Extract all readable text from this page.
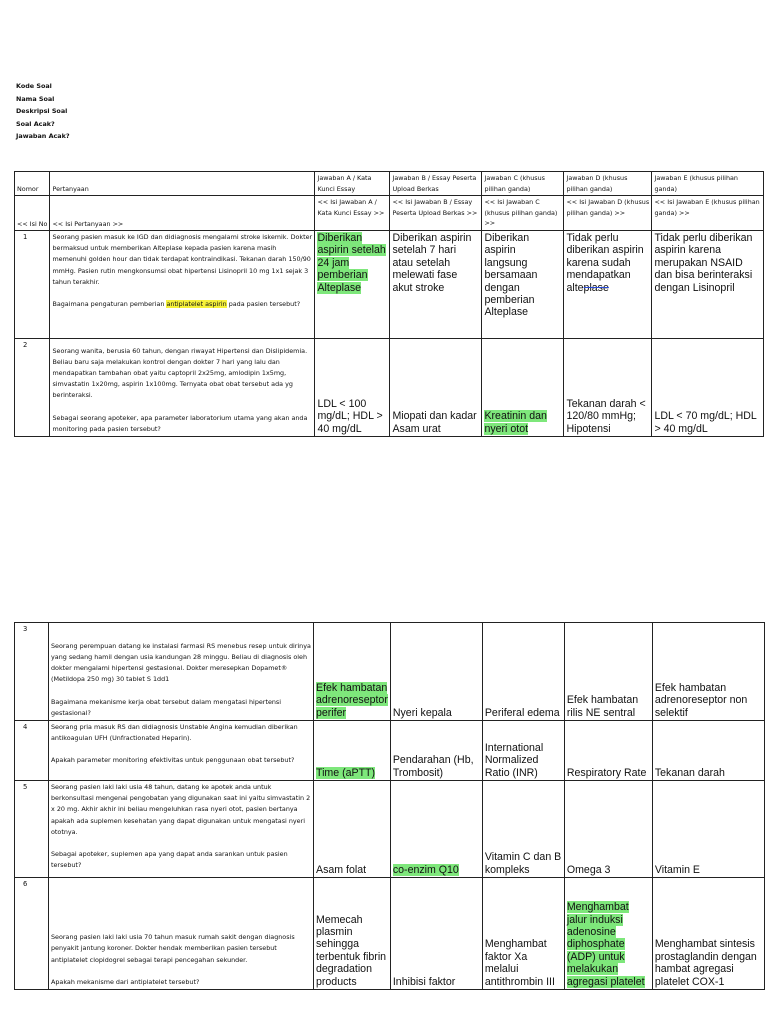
Kode Soal
Nama Soal
Deskripsi Soal
Soal Acak?
Jawaban Acak?
Nomor	Pertanyaan	Jawaban A / Kata Kunci Essay	Jawaban B / Essay Peserta Upload Berkas	Jawaban C (khusus pilihan ganda)	Jawaban D (khusus pilihan ganda)	Jawaban E (khusus pilihan ganda)
<< Isi No	<< Isi Pertanyaan >>	<< Isi Jawaban A / Kata Kunci Essay >>	<< Isi Jawaban B / Essay Peserta Upload Berkas >>	<< Isi Jawaban C (khusus pilihan ganda) >>	<< Isi Jawaban D (khusus pilihan ganda) >>	<< Isi Jawaban E (khusus pilihan ganda) >>
1	Seorang pasien masuk ke IGD dan didiagnosis mengalami stroke iskemik. Dokter bermaksud untuk memberikan Alteplase kepada pasien karena masih memenuhi golden hour dan tidak terdapat kontraindikasi. Tekanan darah 150/90 mmHg. Pasien rutin mengkonsumsi obat hipertensi Lisinopril 10 mg 1x1 sejak 3 tahun terakhir.
Bagaimana pengaturan pemberian antiplatelet aspirin pada pasien tersebut?	Diberikan aspirin setelah 24 jam pemberian Alteplase	Diberikan aspirin setelah 7 hari atau setelah melewati fase akut stroke	Diberikan aspirin langsung bersamaan dengan pemberian Alteplase	Tidak perlu diberikan aspirin karena sudah mendapatkan alteplase	Tidak perlu diberikan aspirin karena merupakan NSAID dan bisa berinteraksi dengan Lisinopril
2	Seorang wanita, berusia 60 tahun, dengan riwayat Hipertensi dan Dislipidemia. Beliau baru saja melakukan kontrol dengan dokter 7 hari yang lalu dan mendapatkan tambahan obat yaitu captopril 2x25mg, amlodipin 1x5mg, simvastatin 1x20mg, aspirin 1x100mg. Ternyata obat obat tersebut ada yg berinteraksi.
Sebagai seorang apoteker, apa parameter laboratorium utama yang akan anda monitoring pada pasien tersebut?	LDL < 100 mg/dL; HDL > 40 mg/dL	Miopati dan kadar Asam urat	Kreatinin dan nyeri otot	Tekanan darah < 120/80 mmHg; Hipotensi	LDL < 70 mg/dL; HDL > 40 mg/dL
3	Seorang perempuan datang ke instalasi farmasi RS menebus resep untuk dirinya yang sedang hamil dengan usia kandungan 28 minggu. Beliau di diagnosis oleh dokter mengalami hipertensi gestasional. Dokter meresepkan Dopamet® (Metildopa 250 mg) 30 tablet S 1dd1
Bagaimana mekanisme kerja obat tersebut dalam mengatasi hipertensi gestasional?	Efek hambatan adrenoreseptor perifer	Nyeri kepala	Periferal edema	Efek hambatan rilis NE sentral	Efek hambatan adrenoreseptor non selektif
4	Seorang pria masuk RS dan didiagnosis Unstable Angina kemudian diberikan antikoagulan UFH (Unfractionated Heparin).
Apakah parameter monitoring efektivitas untuk penggunaan obat tersebut?	Time (aPTT)	Pendarahan (Hb, Trombosit)	International Normalized Ratio (INR)	Respiratory Rate	Tekanan darah
5	Seorang pasien laki laki usia 48 tahun, datang ke apotek anda untuk berkonsultasi mengenai pengobatan yang digunakan saat ini yaitu simvastatin 2 x 20 mg. Akhir akhir ini beliau mengeluhkan rasa nyeri otot, pasien bertanya apakah ada suplemen kesehatan yang dapat digunakan untuk mengatasi nyeri ototnya.
Sebagai apoteker, suplemen apa yang dapat anda sarankan untuk pasien tersebut?	Asam folat	co-enzim Q10	Vitamin C dan B kompleks	Omega 3	Vitamin E
6	Seorang pasien laki laki usia 70 tahun masuk rumah sakit dengan diagnosis penyakit jantung koroner. Dokter hendak memberikan pasien tersebut antiplatelet clopidogrel sebagai terapi pencegahan sekunder.
Apakah mekanisme dari antiplatelet tersebut?	Memecah plasmin sehingga terbentuk fibrin degradation products	Inhibisi faktor	Menghambat faktor Xa melalui antithrombin III	Menghambat jalur induksi adenosine diphosphate (ADP) untuk melakukan agregasi platelet	Menghambat sintesis prostaglandin dengan hambat agregasi platelet COX-1
